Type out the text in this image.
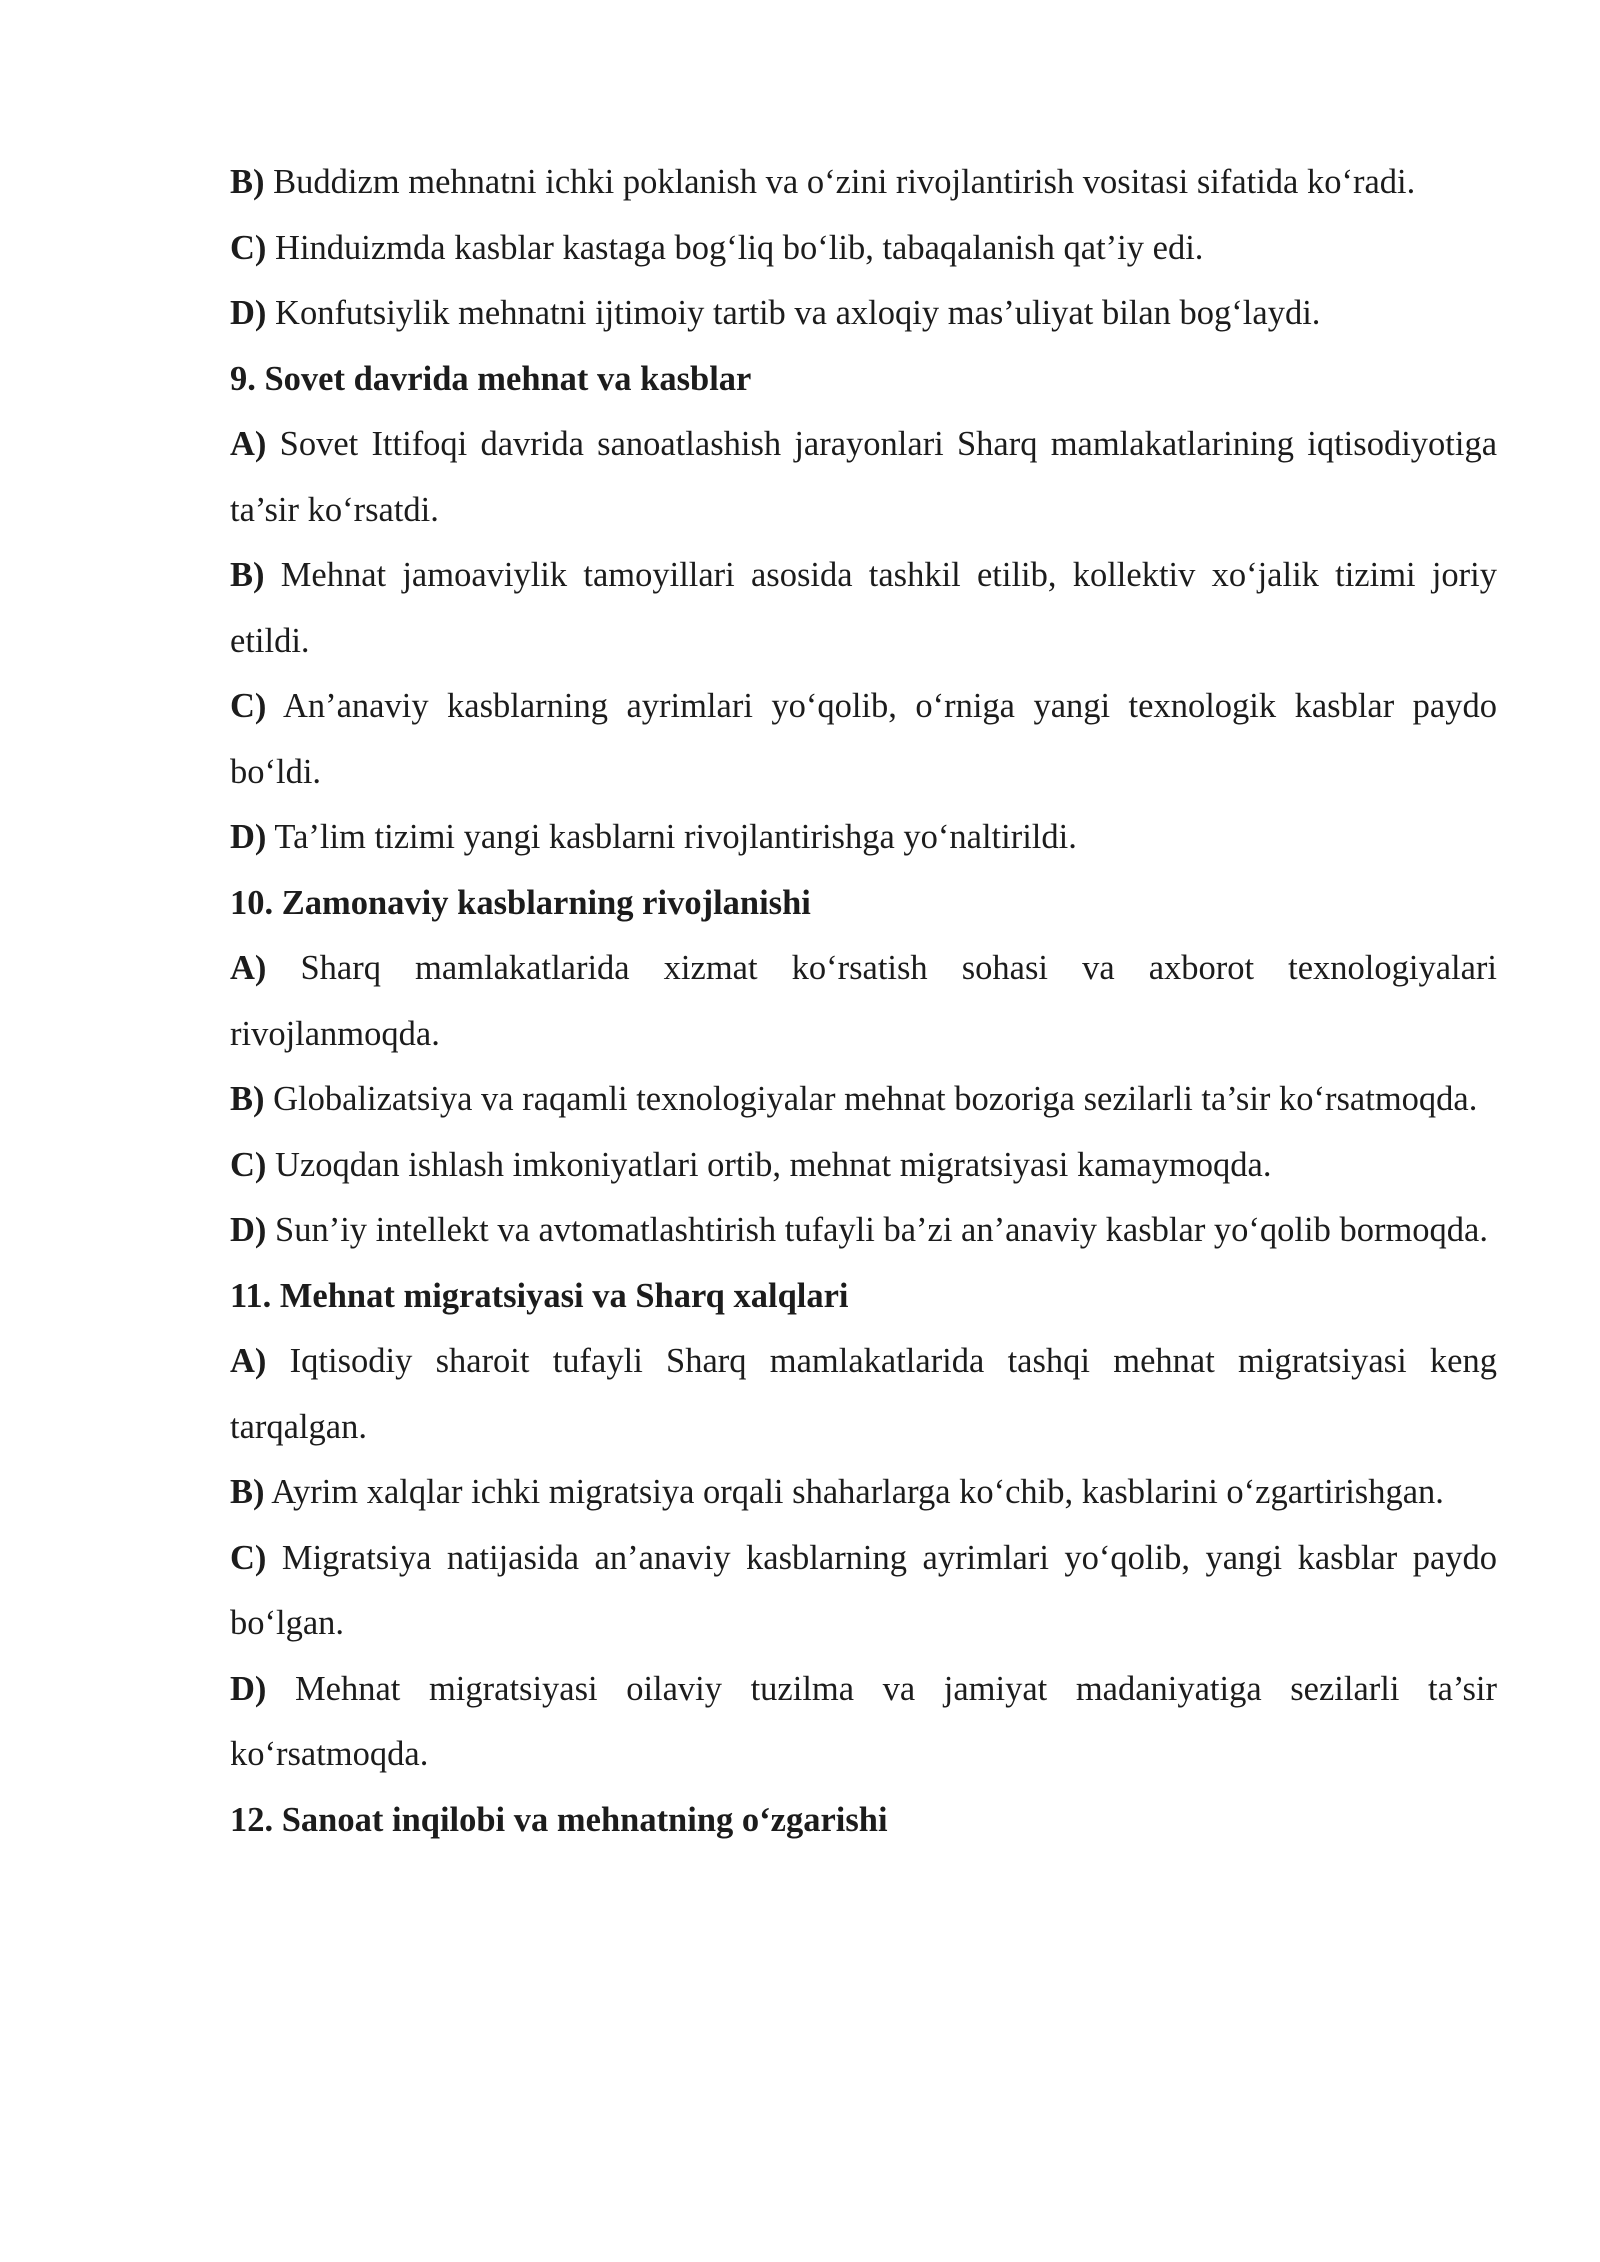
B) Buddizm mehnatni ichki poklanish va o‘zini rivojlantirish vositasi sifatida ko‘radi.

C) Hinduizmda kasblar kastaga bog‘liq bo‘lib, tabaqalanish qat’iy edi.

D) Konfutsiylik mehnatni ijtimoiy tartib va axloqiy mas’uliyat bilan bog‘laydi.

9. Sovet davrida mehnat va kasblar

A) Sovet Ittifoqi davrida sanoatlashish jarayonlari Sharq mamlakatlarining iqtisodiyotiga ta’sir ko‘rsatdi.

B) Mehnat jamoaviylik tamoyillari asosida tashkil etilib, kollektiv xo‘jalik tizimi joriy etildi.

C) An’anaviy kasblarning ayrimlari yo‘qolib, o‘rniga yangi texnologik kasblar paydo bo‘ldi.

D) Ta’lim tizimi yangi kasblarni rivojlantirishga yo‘naltirildi.

10. Zamonaviy kasblarning rivojlanishi

A) Sharq mamlakatlarida xizmat ko‘rsatish sohasi va axborot texnologiyalari rivojlanmoqda.

B) Globalizatsiya va raqamli texnologiyalar mehnat bozoriga sezilarli ta’sir ko‘rsatmoqda.

C) Uzoqdan ishlash imkoniyatlari ortib, mehnat migratsiyasi kamaymoqda.

D) Sun’iy intellekt va avtomatlashtirish tufayli ba’zi an’anaviy kasblar yo‘qolib bormoqda.

11. Mehnat migratsiyasi va Sharq xalqlari

A) Iqtisodiy sharoit tufayli Sharq mamlakatlarida tashqi mehnat migratsiyasi keng tarqalgan.

B) Ayrim xalqlar ichki migratsiya orqali shaharlarga ko‘chib, kasblarini o‘zgartirishgan.

C) Migratsiya natijasida an’anaviy kasblarning ayrimlari yo‘qolib, yangi kasblar paydo bo‘lgan.

D) Mehnat migratsiyasi oilaviy tuzilma va jamiyat madaniyatiga sezilarli ta’sir ko‘rsatmoqda.

12. Sanoat inqilobi va mehnatning o‘zgarishi
